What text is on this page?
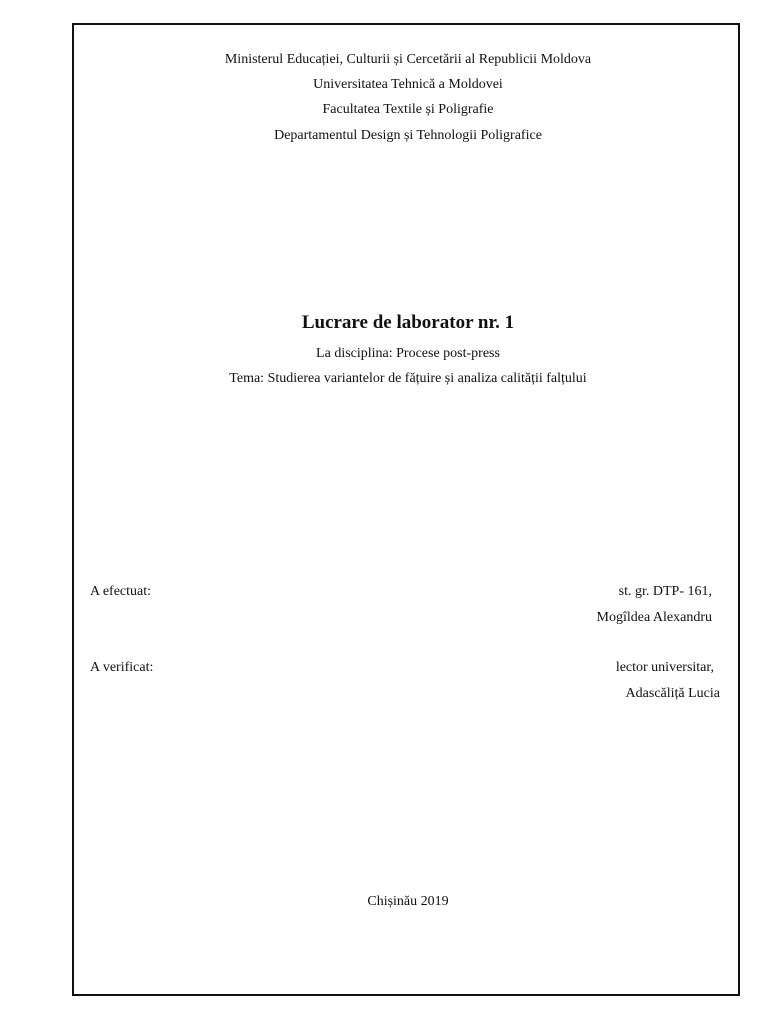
Ministerul Educației, Culturii și Cercetării al Republicii Moldova
Universitatea Tehnică a Moldovei
Facultatea Textile și Poligrafie
Departamentul Design și Tehnologii Poligrafice
Lucrare de laborator nr. 1
La disciplina: Procese post-press
Tema: Studierea variantelor de fățuire și analiza calității falțului
A efectuat:	st. gr. DTP- 161,
Mogîldea Alexandru
A verificat:	lector universitar,
Adascăliță Lucia
Chișinău 2019
